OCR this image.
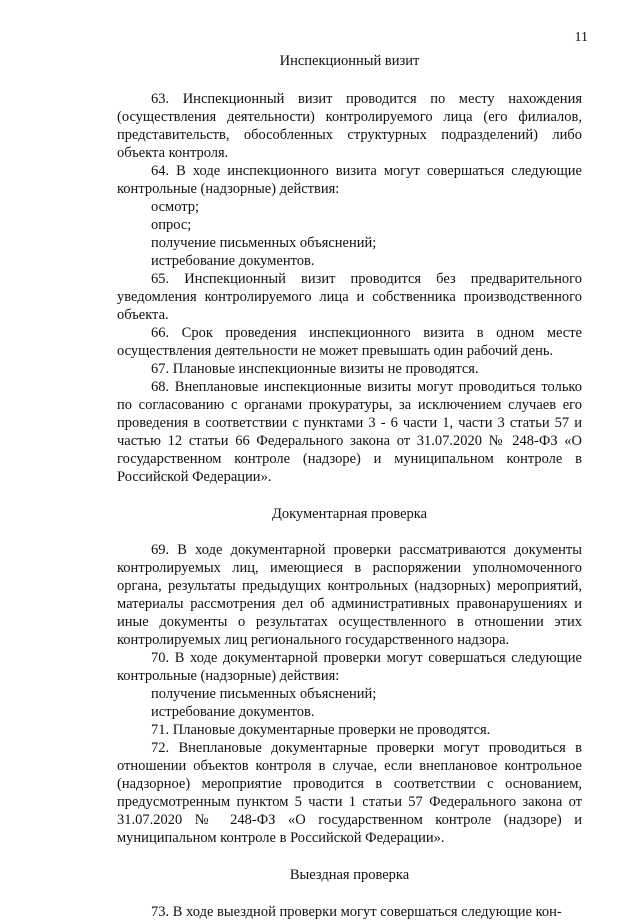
11
Инспекционный визит

63. Инспекционный визит проводится по месту нахождения (осуществления деятельности) контролируемого лица (его филиалов, представительств, обособленных структурных подразделений) либо объекта контроля.

64. В ходе инспекционного визита могут совершаться следующие контрольные (надзорные) действия:

осмотр;

опрос;

получение письменных объяснений;

истребование документов.

65. Инспекционный визит проводится без предварительного уведомления контролируемого лица и собственника производственного объекта.

66. Срок проведения инспекционного визита в одном месте осуществления деятельности не может превышать один рабочий день.

67. Плановые инспекционные визиты не проводятся.

68. Внеплановые инспекционные визиты могут проводиться только по согласованию с органами прокуратуры, за исключением случаев его проведения в соответствии с пунктами 3 - 6 части 1, части 3 статьи 57 и частью 12 статьи 66 Федерального закона от 31.07.2020 № 248-ФЗ «О государственном контроле (надзоре) и муниципальном контроле в Российской Федерации».

Документарная проверка

69. В ходе документарной проверки рассматриваются документы контролируемых лиц, имеющиеся в распоряжении уполномоченного органа, результаты предыдущих контрольных (надзорных) мероприятий, материалы рассмотрения дел об административных правонарушениях и иные документы о результатах осуществленного в отношении этих контролируемых лиц регионального государственного надзора.

70. В ходе документарной проверки могут совершаться следующие контрольные (надзорные) действия:

получение письменных объяснений;

истребование документов.

71. Плановые документарные проверки не проводятся.

72. Внеплановые документарные проверки могут проводиться в отношении объектов контроля в случае, если внеплановое контрольное (надзорное) мероприятие проводится в соответствии с основанием, предусмотренным пунктом 5 части 1 статьи 57 Федерального закона от 31.07.2020 № 248-ФЗ «О государственном контроле (надзоре) и муниципальном контроле в Российской Федерации».

Выездная проверка

73. В ходе выездной проверки могут совершаться следующие кон-
